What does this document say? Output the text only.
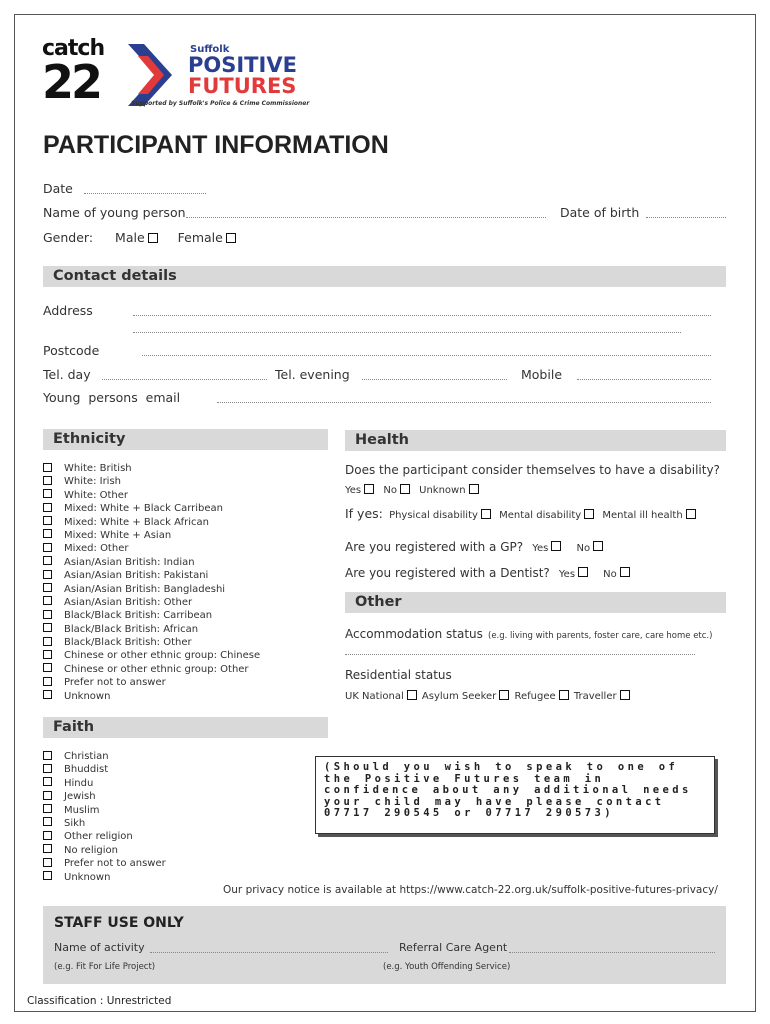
catch
22
Suffolk
POSITIVE
FUTURES
Supported by Suffolk's Police & Crime Commissioner
PARTICIPANT INFORMATION
Date
Name of young person	Date of birth
Gender: Male	Female
Contact details
Address
Postcode
Tel. day	Tel. evening	Mobile
Young  persons  email
Ethnicity
White: British
White: Irish
White: Other
Mixed: White + Black Carribean
Mixed: White + Black African
Mixed: White + Asian
Mixed: Other
Asian/Asian British: Indian
Asian/Asian British: Pakistani
Asian/Asian British: Bangladeshi
Asian/Asian British: Other
Black/Black British: Carribean
Black/Black British: African
Black/Black British: Other
Chinese or other ethnic group: Chinese
Chinese or other ethnic group: Other
Prefer not to answer
Unknown
Faith
Christian
Bhuddist
Hindu
Jewish
Muslim
Sikh
Other religion
No religion
Prefer not to answer
Unknown
Health
Does the participant consider themselves to have a disability?
Yes No Unknown
If yes: Physical disability Mental disability Mental ill health
Are you registered with a GP? Yes	No
Are you registered with a Dentist? Yes	No
Other
Accommodation status (e.g. living with parents, foster care, care home etc.)
Residential status
UK National Asylum Seeker Refugee Traveller
(Should you wish to speak to one of the Positive Futures team in confidence about any additional needs your child may have please contact 07717 290545 or 07717 290573)
Our privacy notice is available at https://www.catch-22.org.uk/suffolk-positive-futures-privacy/
STAFF USE ONLY
Name of activity	Referral Care Agent
(e.g. Fit For Life Project)	(e.g. Youth Offending Service)
Classification : Unrestricted
